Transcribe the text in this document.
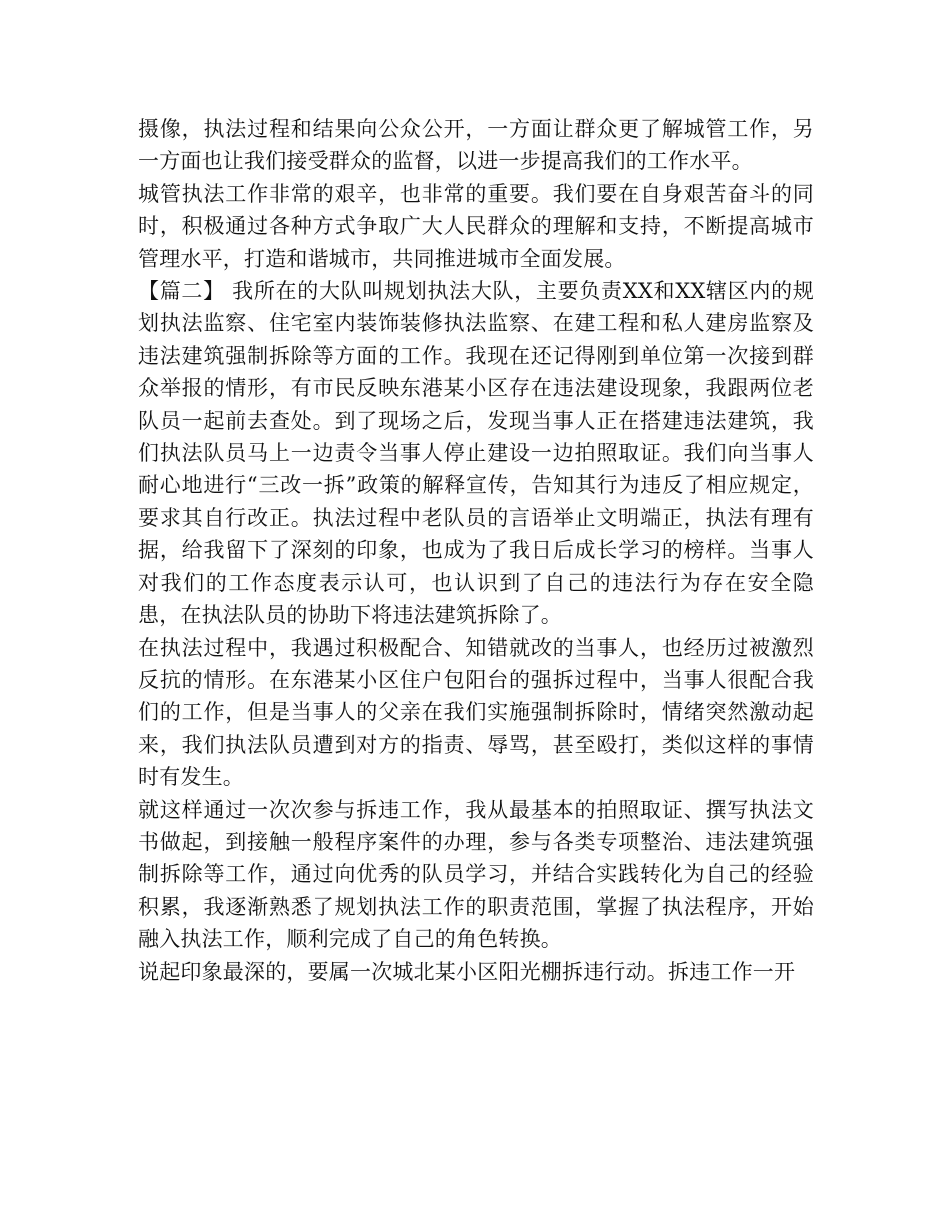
摄像，执法过程和结果向公众公开，一方面让群众更了解城管工作，另一方面也让我们接受群众的监督，以进一步提高我们的工作水平。

城管执法工作非常的艰辛，也非常的重要。我们要在自身艰苦奋斗的同时，积极通过各种方式争取广大人民群众的理解和支持，不断提高城市管理水平，打造和谐城市，共同推进城市全面发展。

【篇二】 我所在的大队叫规划执法大队，主要负责XX和XX辖区内的规划执法监察、住宅室内装饰装修执法监察、在建工程和私人建房监察及违法建筑强制拆除等方面的工作。我现在还记得刚到单位第一次接到群众举报的情形，有市民反映东港某小区存在违法建设现象，我跟两位老队员一起前去查处。到了现场之后，发现当事人正在搭建违法建筑，我们执法队员马上一边责令当事人停止建设一边拍照取证。我们向当事人耐心地进行“三改一拆”政策的解释宣传，告知其行为违反了相应规定，要求其自行改正。执法过程中老队员的言语举止文明端正，执法有理有据，给我留下了深刻的印象，也成为了我日后成长学习的榜样。当事人对我们的工作态度表示认可，也认识到了自己的违法行为存在安全隐患，在执法队员的协助下将违法建筑拆除了。

在执法过程中，我遇过积极配合、知错就改的当事人，也经历过被激烈反抗的情形。在东港某小区住户包阳台的强拆过程中，当事人很配合我们的工作，但是当事人的父亲在我们实施强制拆除时，情绪突然激动起来，我们执法队员遭到对方的指责、辱骂，甚至殴打，类似这样的事情时有发生。

就这样通过一次次参与拆违工作，我从最基本的拍照取证、撰写执法文书做起，到接触一般程序案件的办理，参与各类专项整治、违法建筑强制拆除等工作，通过向优秀的队员学习，并结合实践转化为自己的经验积累，我逐渐熟悉了规划执法工作的职责范围，掌握了执法程序，开始融入执法工作，顺利完成了自己的角色转换。

说起印象最深的，要属一次城北某小区阳光棚拆违行动。拆违工作一开
